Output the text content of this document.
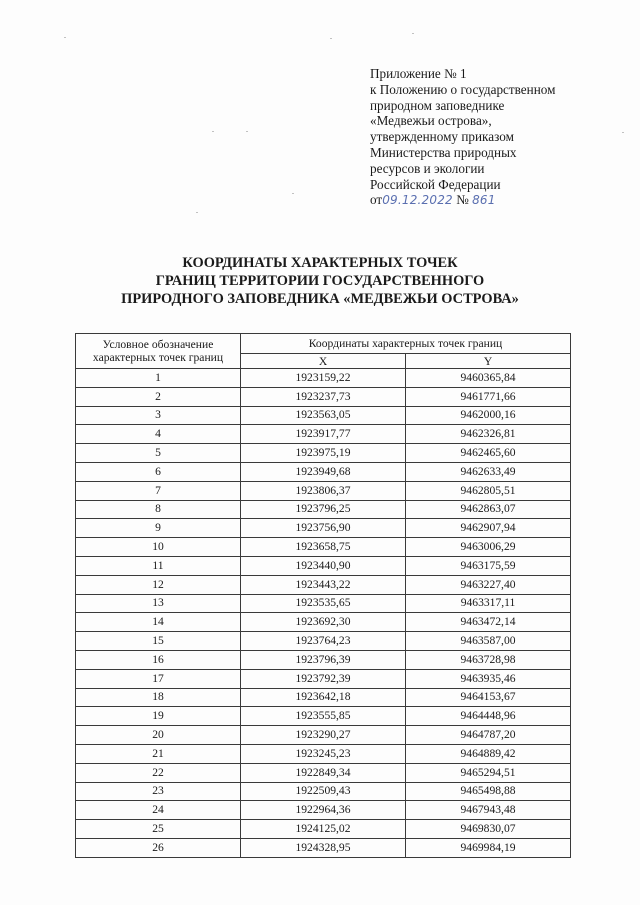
Приложение № 1
к Положению о государственном
природном заповеднике
«Медвежьи острова»,
утвержденному приказом
Министерства природных
ресурсов и экологии
Российской Федерации
от09.12.2022 № 861
КООРДИНАТЫ ХАРАКТЕРНЫХ ТОЧЕК
ГРАНИЦ ТЕРРИТОРИИ ГОСУДАРСТВЕННОГО
ПРИРОДНОГО ЗАПОВЕДНИКА «МЕДВЕЖЬИ ОСТРОВА»
Условное обозначение характерных точек границ	Координаты характерных точек границ	
	X	Y
1	1923159,22	9460365,84
2	1923237,73	9461771,66
3	1923563,05	9462000,16
4	1923917,77	9462326,81
5	1923975,19	9462465,60
6	1923949,68	9462633,49
7	1923806,37	9462805,51
8	1923796,25	9462863,07
9	1923756,90	9462907,94
10	1923658,75	9463006,29
11	1923440,90	9463175,59
12	1923443,22	9463227,40
13	1923535,65	9463317,11
14	1923692,30	9463472,14
15	1923764,23	9463587,00
16	1923796,39	9463728,98
17	1923792,39	9463935,46
18	1923642,18	9464153,67
19	1923555,85	9464448,96
20	1923290,27	9464787,20
21	1923245,23	9464889,42
22	1922849,34	9465294,51
23	1922509,43	9465498,88
24	1922964,36	9467943,48
25	1924125,02	9469830,07
26	1924328,95	9469984,19
